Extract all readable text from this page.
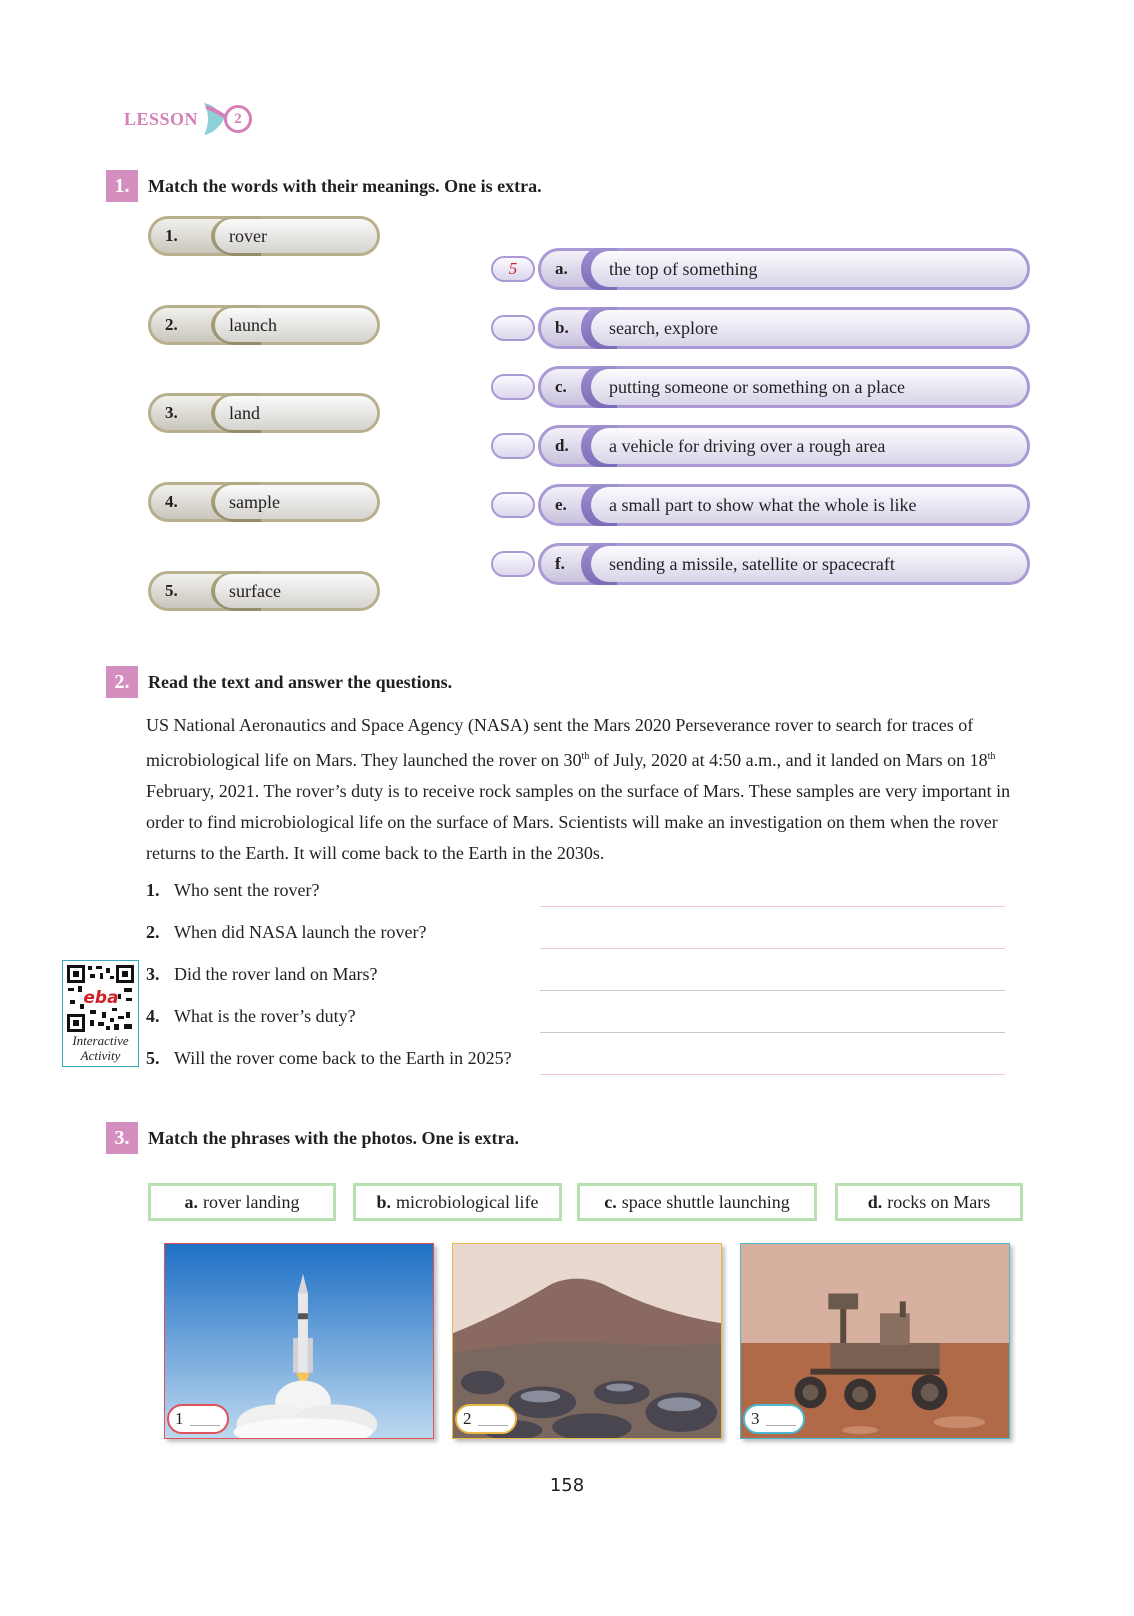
LESSON	2
1.	Match the words with their meanings. One is extra.
1.	rover
2.	launch
3.	land
4.	sample
5.	surface
5	a.	the top of something
b.	search, explore
c.	putting someone or something on a place
d.	a vehicle for driving over a rough area
e.	a small part to show what the whole is like
f.	sending a missile, satellite or spacecraft
2.	Read the text and answer the questions.
US National Aeronautics and Space Agency (NASA) sent the Mars 2020 Perseverance rover to search for traces of microbiological life on Mars. They launched the rover on 30th of July, 2020 at 4:50 a.m., and it landed on Mars on 18th February, 2021. The rover’s duty is to receive rock samples on the surface of Mars. These samples are very important in order to find microbiological life on the surface of Mars. Scientists will make an investigation on them when the rover returns to the Earth. It will come back to the Earth in the 2030s.
1. Who sent the rover?
2. When did NASA launch the rover?
3. Did the rover land on Mars?
4. What is the rover’s duty?
5. Will the rover come back to the Earth in 2025?
eba
Interactive
Activity
3.	Match the phrases with the photos. One is extra.
a. rover landing	b. microbiological life	c. space shuttle launching	d. rocks on Mars
1	2	3
158
